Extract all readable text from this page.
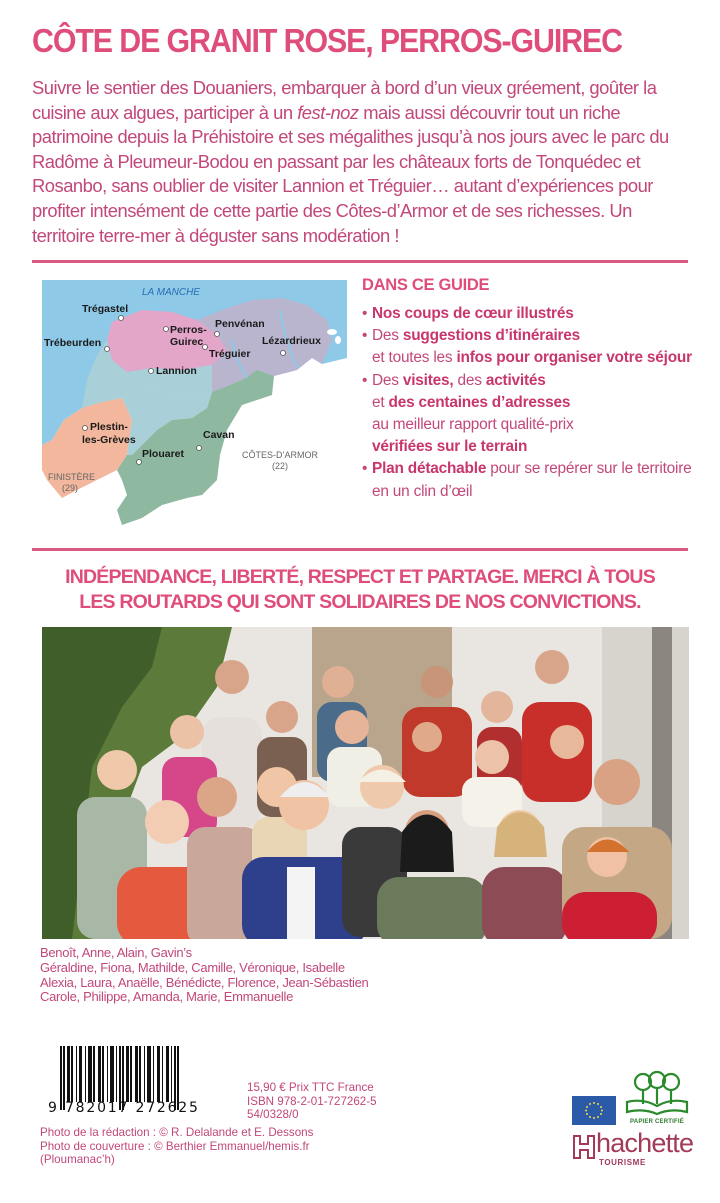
CÔTE DE GRANIT ROSE, PERROS-GUIREC

Suivre le sentier des Douaniers, embarquer à bord d’un vieux gréement, goûter la cuisine aux algues, participer à un fest-noz mais aussi découvrir tout un riche patrimoine depuis la Préhistoire et ses mégalithes jusqu’à nos jours avec le parc du Radôme à Pleumeur-Bodou en passant par les châteaux forts de Tonquédec et Rosanbo, sans oublier de visiter Lannion et Tréguier… autant d’expériences pour profiter intensément de cette partie des Côtes-d’Armor et de ses richesses. Un territoire terre-mer à déguster sans modération !

LA MANCHE
Trégastel
Perros-
Guirec
Penvénan
Trébeurden
Tréguier
Lézardrieux
Lannion
Plestin-
les-Grèves	Cavan
Plouaret	CÔTES-D’ARMOR
(22)
FINISTÈRE
(29)
DANS CE GUIDE
• Nos coups de cœur illustrés
• Des suggestions d’itinéraires
et toutes les infos pour organiser votre séjour
• Des visites, des activités
et des centaines d’adresses
au meilleur rapport qualité-prix
vérifiées sur le terrain
• Plan détachable pour se repérer sur le territoire en un clin d’œil
INDÉPENDANCE, LIBERTÉ, RESPECT ET PARTAGE. MERCI À TOUS
LES ROUTARDS QUI SONT SOLIDAIRES DE NOS CONVICTIONS.
Benoît, Anne, Alain, Gavin’s
Géraldine, Fiona, Mathilde, Camille, Véronique, Isabelle
Alexia, Laura, Anaëlle, Bénédicte, Florence, Jean-Sébastien
Carole, Philippe, Amanda, Marie, Emmanuelle
9 782017 272625
15,90 € Prix TTC France
ISBN 978-2-01-727262-5
54/0328/0
Photo de la rédaction : © R. Delalande et E. Dessons
Photo de couverture : © Berthier Emmanuel/hemis.fr
(Ploumanac’h)
PAPIER CERTIFIÉ
hachette
TOURISME
